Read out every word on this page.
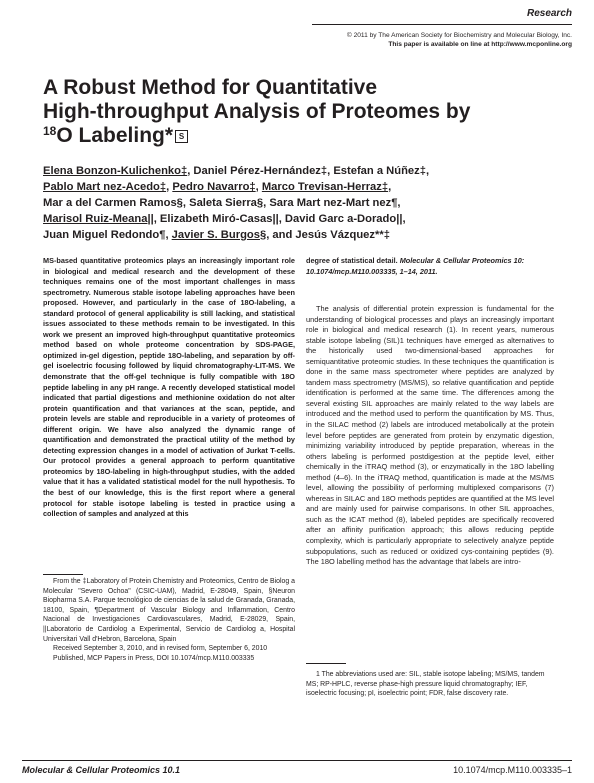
Research
© 2011 by The American Society for Biochemistry and Molecular Biology, Inc.
This paper is available on line at http://www.mcponline.org
A Robust Method for Quantitative
High-throughput Analysis of Proteomes by
$^{18}$O Labeling* S
Elena Bonzon-Kulichenko‡, Daniel Pérez-Hernández‡, Estefan a Núñez‡,
Pablo Mart nez-Acedo‡, Pedro Navarro‡, Marco Trevisan-Herraz‡,
Mar a del Carmen Ramos§, Saleta Sierra§, Sara Mart nez-Mart nez¶,
Marisol Ruiz-Meana||, Elizabeth Miró-Casas||, David Garc a-Dorado||,
Juan Miguel Redondo¶, Javier S. Burgos§, and Jesús Vázquez**‡
MS-based quantitative proteomics plays an increasingly important role in biological and medical research and the development of these techniques remains one of the most important challenges in mass spectrometry. Numerous stable isotope labeling approaches have been proposed. However, and particularly in the case of 18O-labeling, a standard protocol of general applicability is still lacking, and statistical issues associated to these methods remain to be investigated. In this work we present an improved high-throughput quantitative proteomics method based on whole proteome concentration by SDS-PAGE, optimized in-gel digestion, peptide 18O-labeling, and separation by off-gel isoelectric focusing followed by liquid chromatography-LIT-MS. We demonstrate that the off-gel technique is fully compatible with 18O peptide labeling in any pH range. A recently developed statistical model indicated that partial digestions and methionine oxidation do not alter protein quantification and that variances at the scan, peptide, and protein levels are stable and reproducible in a variety of proteomes of different origin. We have also analyzed the dynamic range of quantification and demonstrated the practical utility of the method by detecting expression changes in a model of activation of Jurkat T-cells. Our protocol provides a general approach to perform quantitative proteomics by 18O-labeling in high-throughput studies, with the added value that it has a validated statistical model for the null hypothesis. To the best of our knowledge, this is the first report where a general protocol for stable isotope labeling is tested in practice using a collection of samples and analyzed at this
degree of statistical detail. Molecular & Cellular Proteomics 10: 10.1074/mcp.M110.003335, 1–14, 2011.
The analysis of differential protein expression is fundamental for the understanding of biological processes and plays an increasingly important role in biological and medical research (1). In recent years, numerous stable isotope labeling (SIL)1 techniques have emerged as alternatives to the historically used two-dimensional-based approaches for semiquantitative proteomic studies. In these techniques the quantification is done in the same mass spectrometer where peptides are analyzed by tandem mass spectrometry (MS/MS), so relative quantification and peptide identification is performed at the same time. The differences among the several existing SIL approaches are mainly related to the way labels are introduced and the method used to perform the quantification by MS. Thus, in the SILAC method (2) labels are introduced metabolically at the protein level before peptides are generated from protein by enzymatic digestion, minimizing variability introduced by peptide preparation, whereas in the others labeling is performed postdigestion at the peptide level, either chemically in the iTRAQ method (3), or enzymatically in the 18O labelling method (4–6). In the iTRAQ method, quantification is made at the MS/MS level, allowing the possibility of performing multiplexed comparisons (7) whereas in SILAC and 18O methods peptides are quantified at the MS level and are mainly used for pairwise comparisons. In other SIL approaches, such as the ICAT method (8), labeled peptides are specifically recovered after an affinity purification approach; this allows reducing peptide complexity, which is particularly appropriate to selectively analyze peptide subpopulations, such as reduced or oxidized cys-containing peptides (9). The 18O labelling method has the advantage that labels are intro-

From the ‡Laboratory of Protein Chemistry and Proteomics, Centro de Biolog a Molecular "Severo Ochoa" (CSIC-UAM), Madrid, E-28049, Spain, §Neuron Biopharma S.A. Parque tecnológico de ciencias de la salud de Granada, Granada, 18100, Spain, ¶Department of Vascular Biology and Inflammation, Centro Nacional de Investigaciones Cardiovasculares, Madrid, E-28029, Spain, ||Laboratorio de Cardiolog a Experimental, Servicio de Cardiolog a, Hospital Universitari Vall d'Hebron, Barcelona, Spain

Received September 3, 2010, and in revised form, September 6, 2010

Published, MCP Papers in Press, DOI 10.1074/mcp.M110.003335

1 The abbreviations used are: SIL, stable isotope labeling; MS/MS, tandem MS; RP-HPLC, reverse phase-high pressure liquid chromatography; IEF, isoelectric focusing; pI, isoelectric point; FDR, false discovery rate.
Molecular & Cellular Proteomics 10.1	10.1074/mcp.M110.003335–1
